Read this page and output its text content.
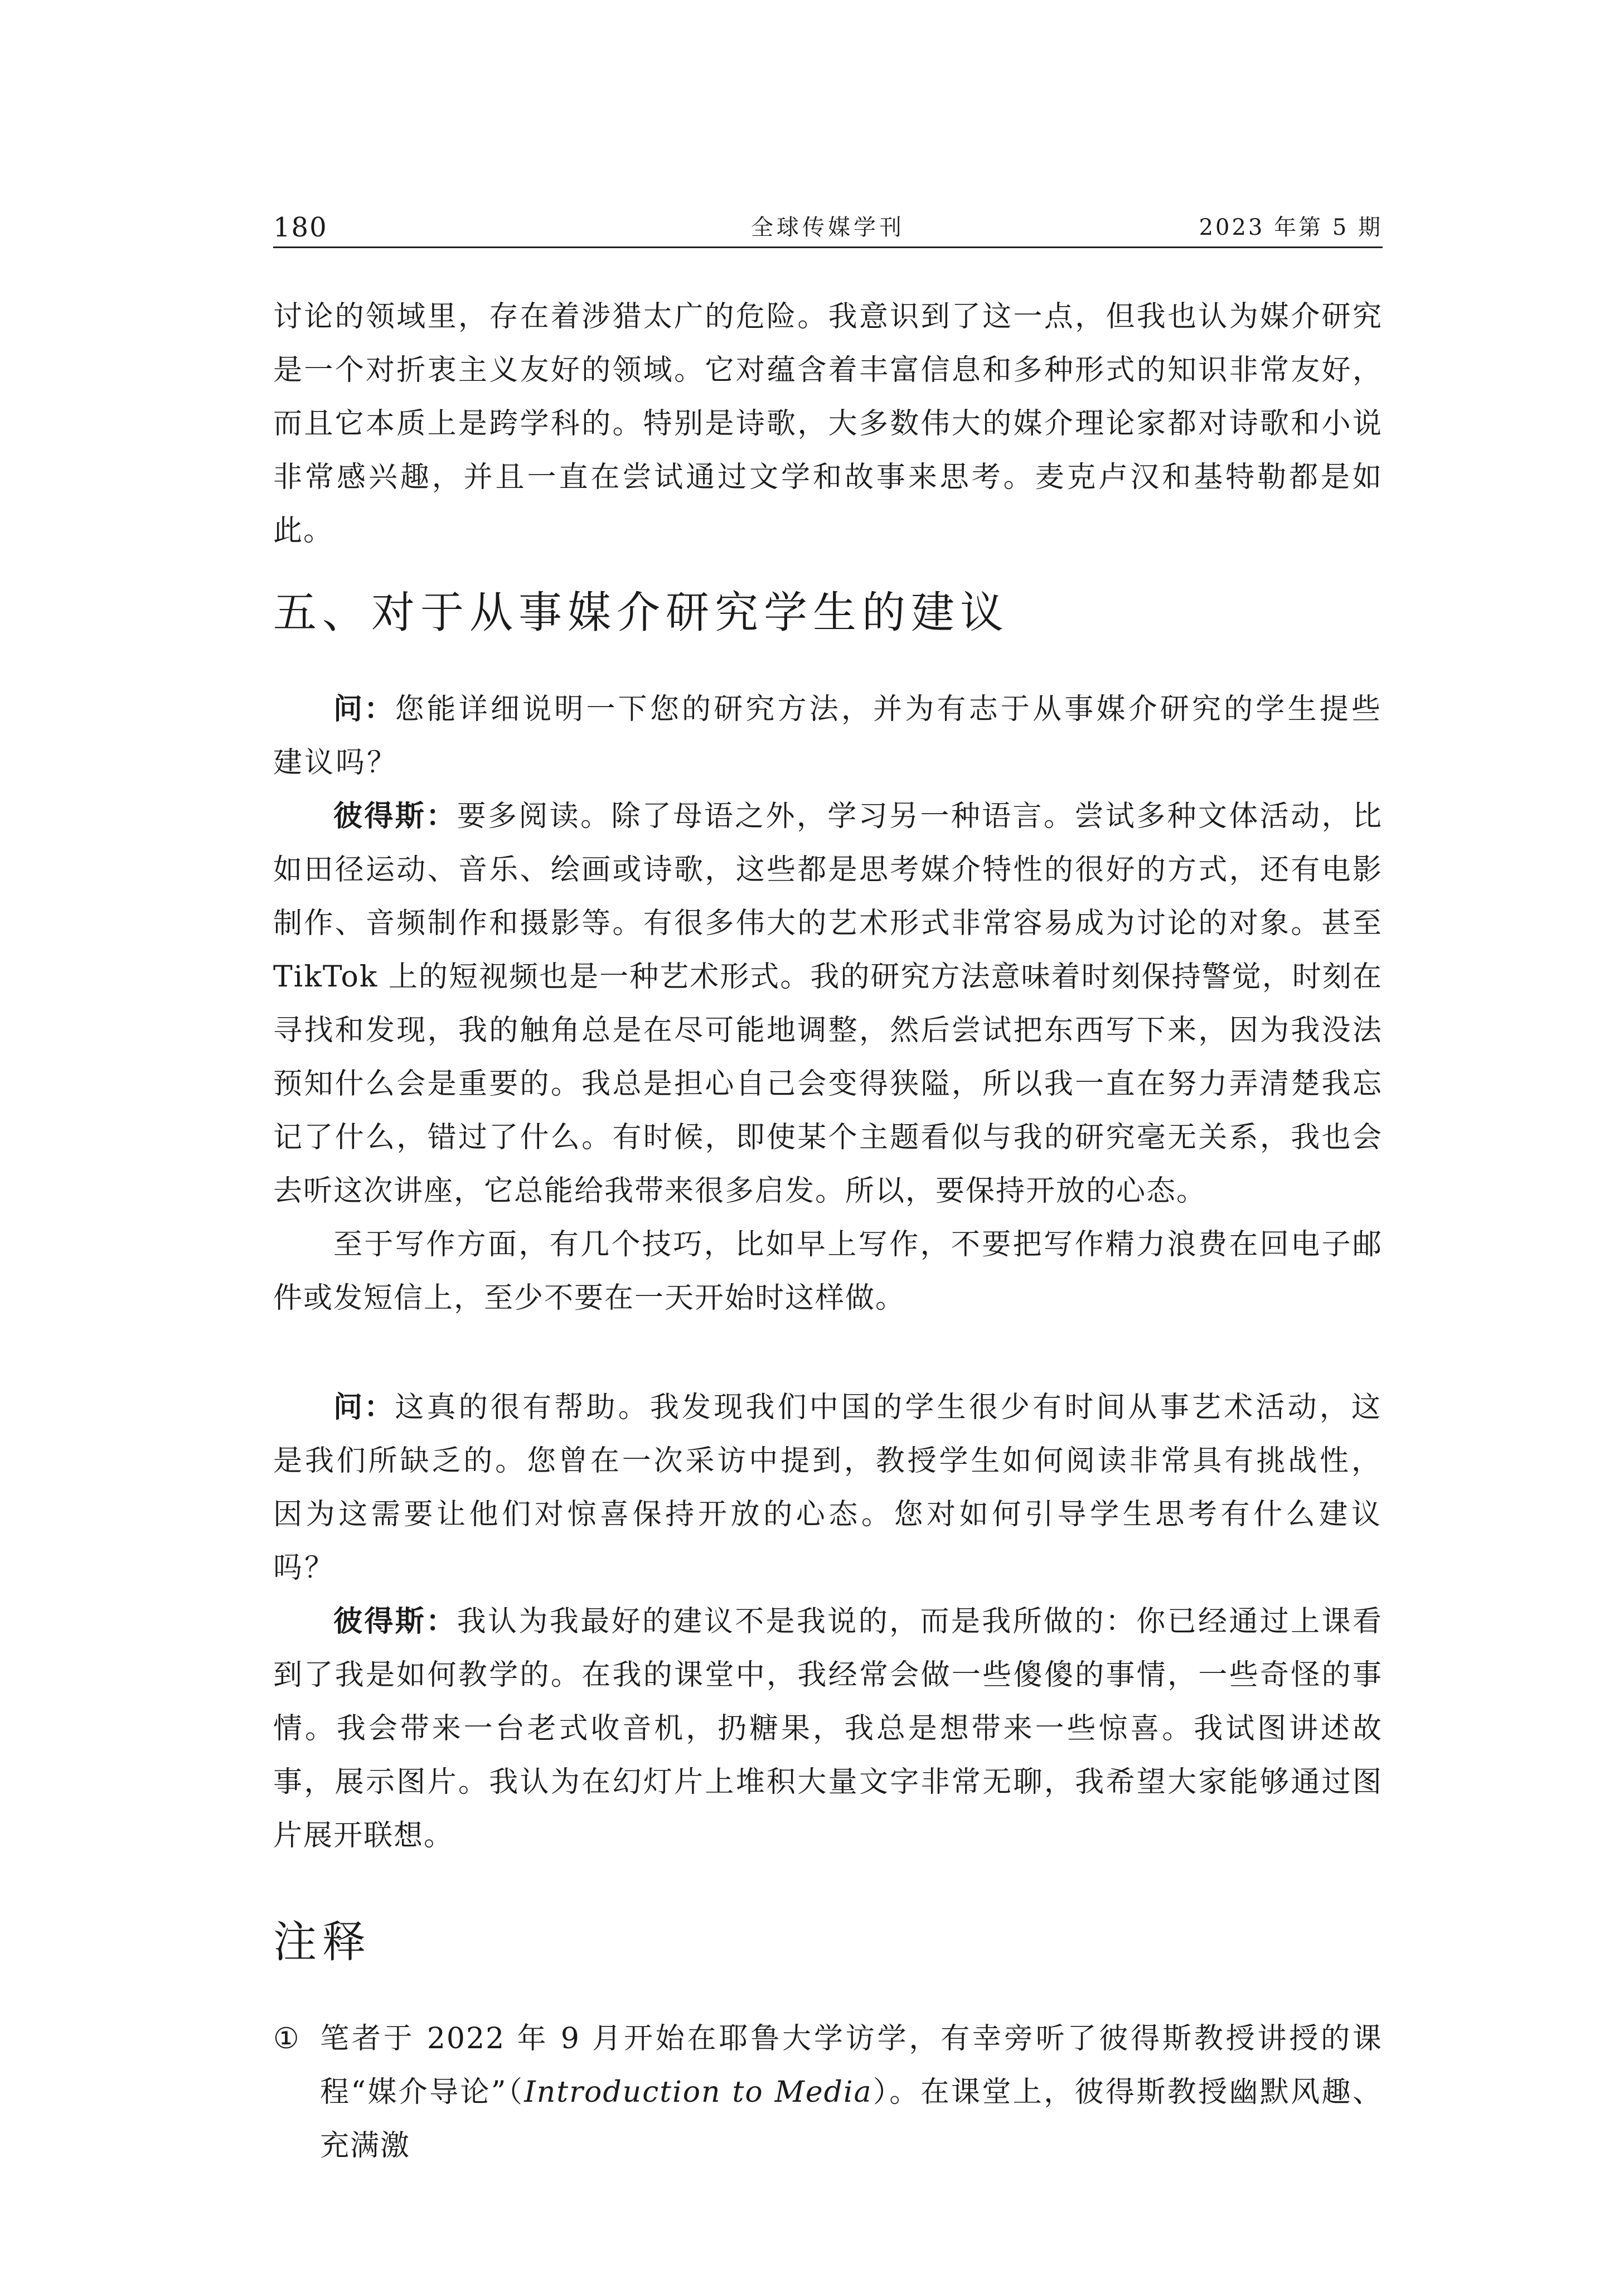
180	全球传媒学刊	2023 年第 5 期

讨论的领域里，存在着涉猎太广的危险。我意识到了这一点，但我也认为媒介研究是一个对折衷主义友好的领域。它对蕴含着丰富信息和多种形式的知识非常友好，而且它本质上是跨学科的。特别是诗歌，大多数伟大的媒介理论家都对诗歌和小说非常感兴趣，并且一直在尝试通过文学和故事来思考。麦克卢汉和基特勒都是如此。

五、对于从事媒介研究学生的建议

问：您能详细说明一下您的研究方法，并为有志于从事媒介研究的学生提些建议吗？

彼得斯：要多阅读。除了母语之外，学习另一种语言。尝试多种文体活动，比如田径运动、音乐、绘画或诗歌，这些都是思考媒介特性的很好的方式，还有电影制作、音频制作和摄影等。有很多伟大的艺术形式非常容易成为讨论的对象。甚至 TikTok 上的短视频也是一种艺术形式。我的研究方法意味着时刻保持警觉，时刻在寻找和发现，我的触角总是在尽可能地调整，然后尝试把东西写下来，因为我没法预知什么会是重要的。我总是担心自己会变得狭隘，所以我一直在努力弄清楚我忘记了什么，错过了什么。有时候，即使某个主题看似与我的研究毫无关系，我也会去听这次讲座，它总能给我带来很多启发。所以，要保持开放的心态。

至于写作方面，有几个技巧，比如早上写作，不要把写作精力浪费在回电子邮件或发短信上，至少不要在一天开始时这样做。

问：这真的很有帮助。我发现我们中国的学生很少有时间从事艺术活动，这是我们所缺乏的。您曾在一次采访中提到，教授学生如何阅读非常具有挑战性，因为这需要让他们对惊喜保持开放的心态。您对如何引导学生思考有什么建议吗？

彼得斯：我认为我最好的建议不是我说的，而是我所做的：你已经通过上课看到了我是如何教学的。在我的课堂中，我经常会做一些傻傻的事情，一些奇怪的事情。我会带来一台老式收音机，扔糖果，我总是想带来一些惊喜。我试图讲述故事，展示图片。我认为在幻灯片上堆积大量文字非常无聊，我希望大家能够通过图片展开联想。

注释

① 笔者于 2022 年 9 月开始在耶鲁大学访学，有幸旁听了彼得斯教授讲授的课程“媒介导论”（Introduction to Media）。在课堂上，彼得斯教授幽默风趣、充满激
